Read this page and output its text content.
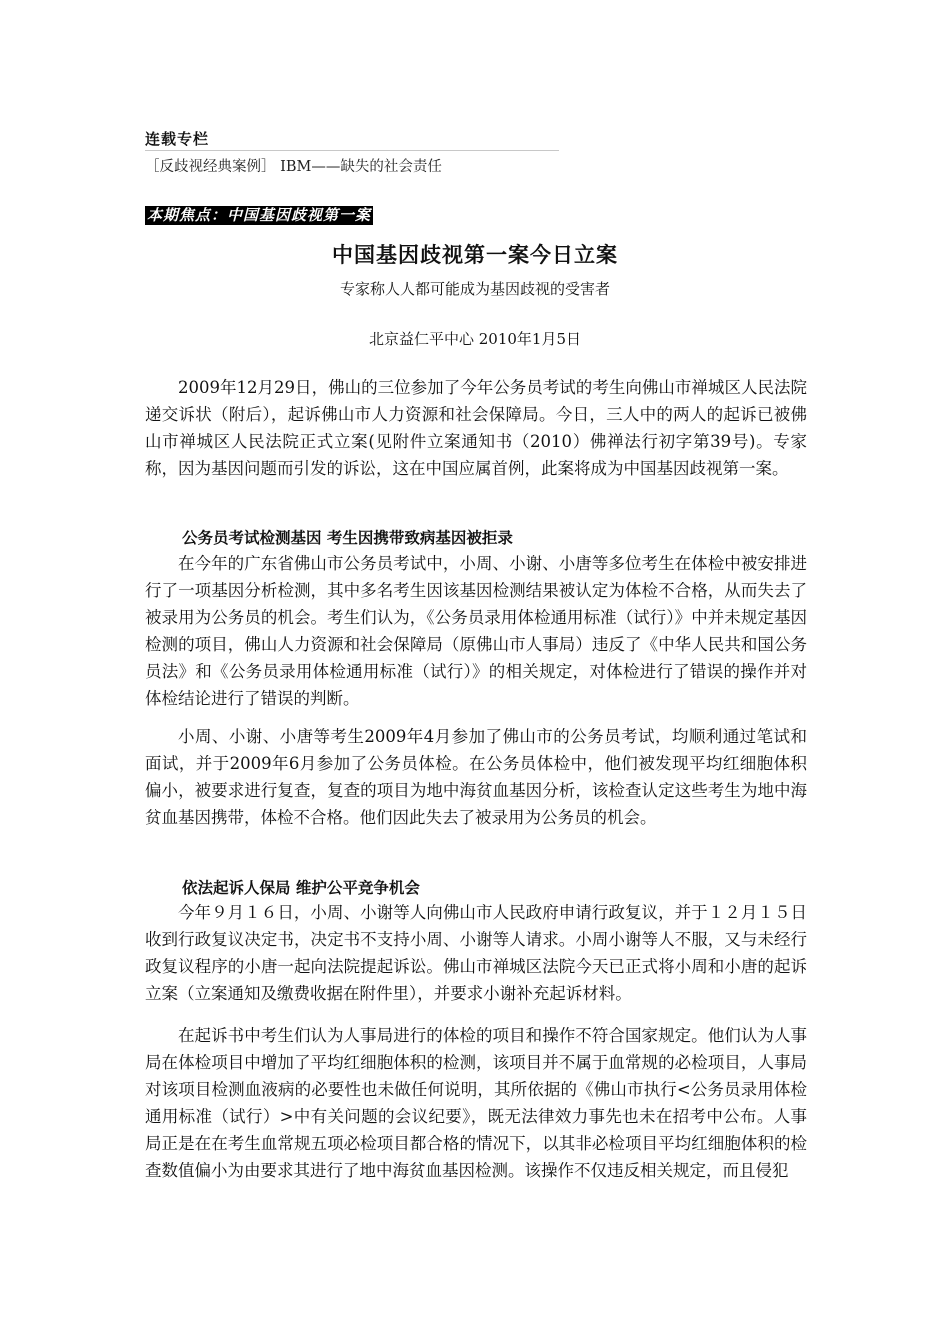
连载专栏
［反歧视经典案例］ IBM——缺失的社会责任
本期焦点：中国基因歧视第一案
中国基因歧视第一案今日立案
专家称人人都可能成为基因歧视的受害者
北京益仁平中心 2010年1月5日

2009年12月29日，佛山的三位参加了今年公务员考试的考生向佛山市禅城区人民法院递交诉状（附后），起诉佛山市人力资源和社会保障局。今日，三人中的两人的起诉已被佛山市禅城区人民法院正式立案(见附件立案通知书（2010）佛禅法行初字第39号)。专家称，因为基因问题而引发的诉讼，这在中国应属首例，此案将成为中国基因歧视第一案。

公务员考试检测基因 考生因携带致病基因被拒录

在今年的广东省佛山市公务员考试中，小周、小谢、小唐等多位考生在体检中被安排进行了一项基因分析检测，其中多名考生因该基因检测结果被认定为体检不合格，从而失去了被录用为公务员的机会。考生们认为，《公务员录用体检通用标准（试行）》中并未规定基因检测的项目，佛山人力资源和社会保障局（原佛山市人事局）违反了《中华人民共和国公务员法》和《公务员录用体检通用标准（试行）》的相关规定，对体检进行了错误的操作并对体检结论进行了错误的判断。

小周、小谢、小唐等考生2009年4月参加了佛山市的公务员考试，均顺利通过笔试和面试，并于2009年6月参加了公务员体检。在公务员体检中，他们被发现平均红细胞体积偏小，被要求进行复查，复查的项目为地中海贫血基因分析，该检查认定这些考生为地中海贫血基因携带，体检不合格。他们因此失去了被录用为公务员的机会。

依法起诉人保局 维护公平竞争机会

今年９月１６日，小周、小谢等人向佛山市人民政府申请行政复议，并于１２月１５日收到行政复议决定书，决定书不支持小周、小谢等人请求。小周小谢等人不服，又与未经行政复议程序的小唐一起向法院提起诉讼。佛山市禅城区法院今天已正式将小周和小唐的起诉立案（立案通知及缴费收据在附件里），并要求小谢补充起诉材料。

在起诉书中考生们认为人事局进行的体检的项目和操作不符合国家规定。他们认为人事局在体检项目中增加了平均红细胞体积的检测，该项目并不属于血常规的必检项目，人事局对该项目检测血液病的必要性也未做任何说明，其所依据的《佛山市执行<公务员录用体检通用标准（试行）>中有关问题的会议纪要》，既无法律效力事先也未在招考中公布。人事局正是在在考生血常规五项必检项目都合格的情况下，以其非必检项目平均红细胞体积的检查数值偏小为由要求其进行了地中海贫血基因检测。该操作不仅违反相关规定，而且侵犯
